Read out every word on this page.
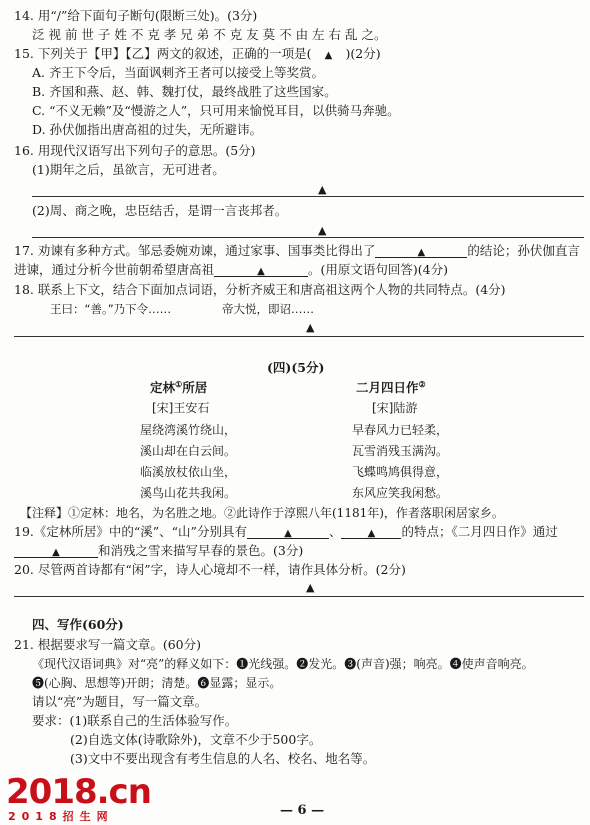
14. 用“/”给下面句子断句(限断三处)。(3分)
泛 视 前 世 子 姓 不 克 孝 兄 弟 不 克 友 莫 不 由 左 右 乱 之。
15. 下列关于【甲】【乙】两文的叙述，正确的一项是( ▲ )(2分)
A. 齐王下令后，当面讽刺齐王者可以接受上等奖赏。
B. 齐国和燕、赵、韩、魏打仗，最终战胜了这些国家。
C. “不义无赖”及“慢游之人”，只可用来愉悦耳目，以供骑马奔驰。
D. 孙伏伽指出唐高祖的过失，无所避讳。
16. 用现代汉语写出下列句子的意思。(5分)
(1)期年之后，虽欲言，无可进者。
▲
(2)周、商之晚，忠臣结舌，是谓一言丧邦者。
▲
17. 劝谏有多种方式。邹忌委婉劝谏，通过家事、国事类比得出了	▲	的结论；孙伏伽直言
进谏，通过分析今世前朝希望唐高祖	▲	。(用原文语句回答)(4分)
18. 联系上下文，结合下面加点词语，分析齐威王和唐高祖这两个人物的共同特点。(4分)
王曰：“善。”乃下令……	帝大悦，即诏……
▲
(四)(5分)
定林①所居
[宋]王安石
屋绕湾溪竹绕山，
溪山却在白云间。
临溪放杖依山坐，
溪鸟山花共我闲。
二月四日作②
[宋]陆游
早春风力已轻柔，
瓦雪消残玉满沟。
飞蝶鸣鸠俱得意，
东风应笑我闲愁。
【注释】①定林：地名，为名胜之地。②此诗作于淳熙八年(1181年)，作者落职闲居家乡。
19.《定林所居》中的“溪”、“山”分别具有	▲	、	▲ 的特点；《二月四日作》通过
▲	和消残之雪来描写早春的景色。(3分)
20. 尽管两首诗都有“闲”字，诗人心境却不一样，请作具体分析。(2分)
▲
四、写作(60分)
21. 根据要求写一篇文章。(60分)
《现代汉语词典》对“亮”的释义如下：❶光线强。❷发光。❸(声音)强；响亮。❹使声音响亮。
❺(心胸、思想等)开朗；清楚。❻显露；显示。
请以“亮”为题目，写一篇文章。
要求：(1)联系自己的生活体验写作。
(2)自选文体(诗歌除外)，文章不少于500字。
(3)文中不要出现含有考生信息的人名、校名、地名等。
2018.cn
2018招生网	— 6 —
